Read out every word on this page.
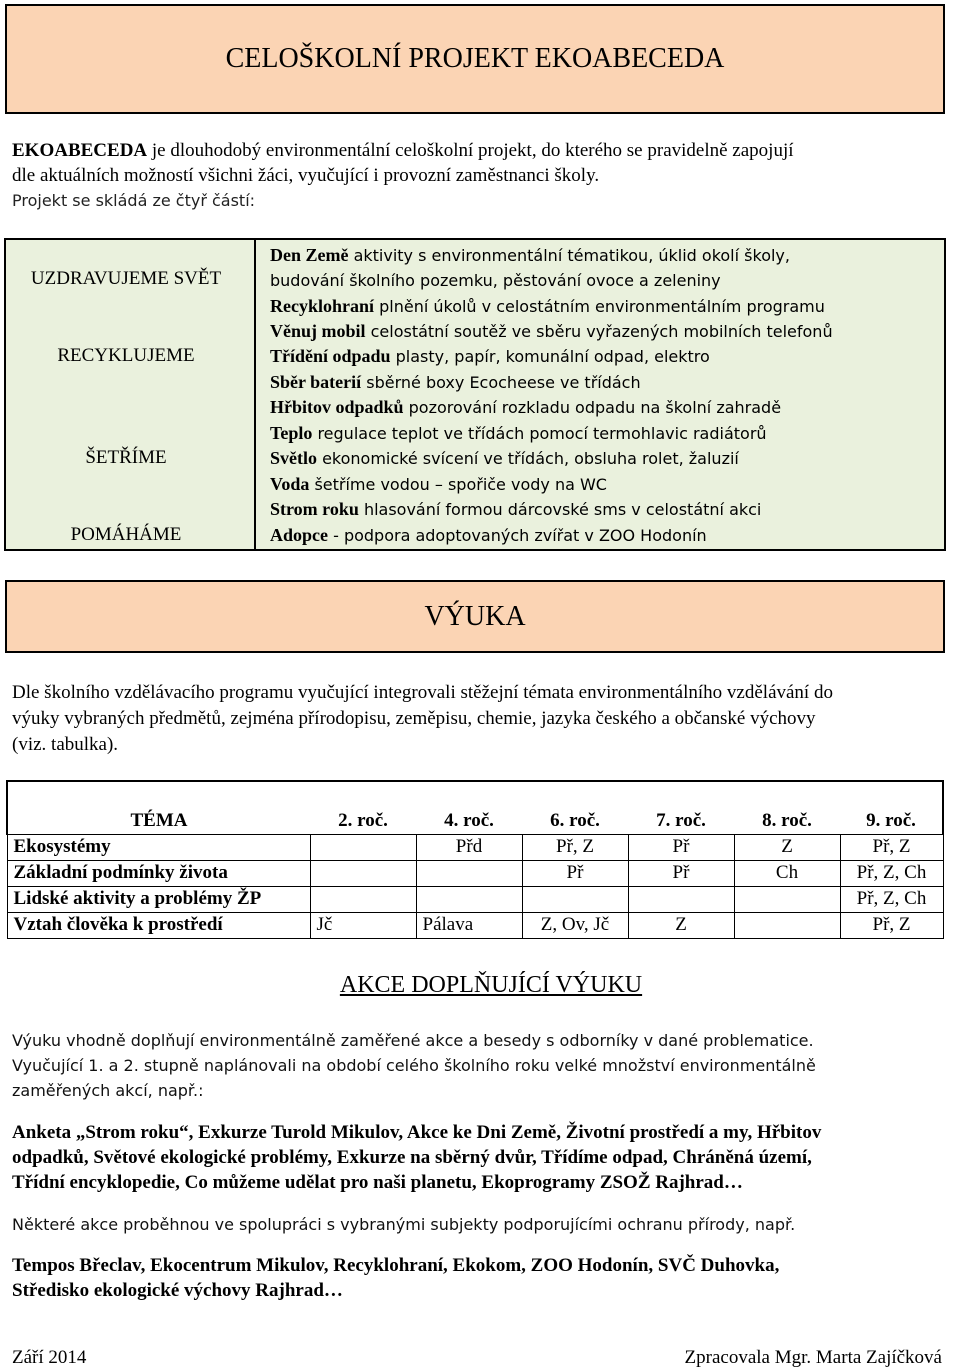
CELOŠKOLNÍ PROJEKT EKOABECEDA
EKOABECEDA je dlouhodobý environmentální celoškolní projekt, do kterého se pravidelně zapojují
dle aktuálních možností všichni žáci, vyučující i provozní zaměstnanci školy.
Projekt se skládá ze čtyř částí:
UZDRAVUJEME SVĚT
RECYKLUJEME
ŠETŘÍME
POMÁHÁME
Den Země aktivity s environmentální tématikou, úklid okolí školy,
budování školního pozemku, pěstování ovoce a zeleniny
Recyklohraní plnění úkolů v celostátním environmentálním programu
Věnuj mobil celostátní soutěž ve sběru vyřazených mobilních telefonů
Třídění odpadu plasty, papír, komunální odpad, elektro
Sběr baterií sběrné boxy Ecocheese ve třídách
Hřbitov odpadků pozorování rozkladu odpadu na školní zahradě
Teplo regulace teplot ve třídách pomocí termohlavic radiátorů
Světlo ekonomické svícení ve třídách, obsluha rolet, žaluzií
Voda šetříme vodou – spořiče vody na WC
Strom roku hlasování formou dárcovské sms v celostátní akci
Adopce - podpora adoptovaných zvířat v ZOO Hodonín
VÝUKA
Dle školního vzdělávacího programu vyučující integrovali stěžejní témata environmentálního vzdělávání do
výuky vybraných předmětů, zejména přírodopisu, zeměpisu, chemie, jazyka českého a občanské výchovy
(viz. tabulka).
TÉMA	2. roč.	4. roč.	6. roč.	7. roč.	8. roč.	9. roč.
Ekosystémy		Přd	Př, Z	Př	Z	Př, Z
Základní podmínky života			Př	Př	Ch	Př, Z, Ch
Lidské aktivity a problémy ŽP						Př, Z, Ch
Vztah člověka k prostředí	Jč	Pálava	Z, Ov, Jč	Z		Př, Z
AKCE DOPLŇUJÍCÍ VÝUKU
Výuku vhodně doplňují environmentálně zaměřené akce a besedy s odborníky v dané problematice.
Vyučující 1. a 2. stupně naplánovali na období celého školního roku velké množství environmentálně
zaměřených akcí, např.:
Anketa „Strom roku“, Exkurze Turold Mikulov, Akce ke Dni Země, Životní prostředí a my, Hřbitov
odpadků, Světové ekologické problémy, Exkurze na sběrný dvůr, Třídíme odpad, Chráněná území,
Třídní encyklopedie, Co můžeme udělat pro naši planetu, Ekoprogramy ZSOŽ Rajhrad…
Některé akce proběhnou ve spolupráci s vybranými subjekty podporujícími ochranu přírody, např.
Tempos Břeclav, Ekocentrum Mikulov, Recyklohraní, Ekokom, ZOO Hodonín, SVČ Duhovka,
Středisko ekologické výchovy Rajhrad…
Září 2014	Zpracovala Mgr. Marta Zajíčková
